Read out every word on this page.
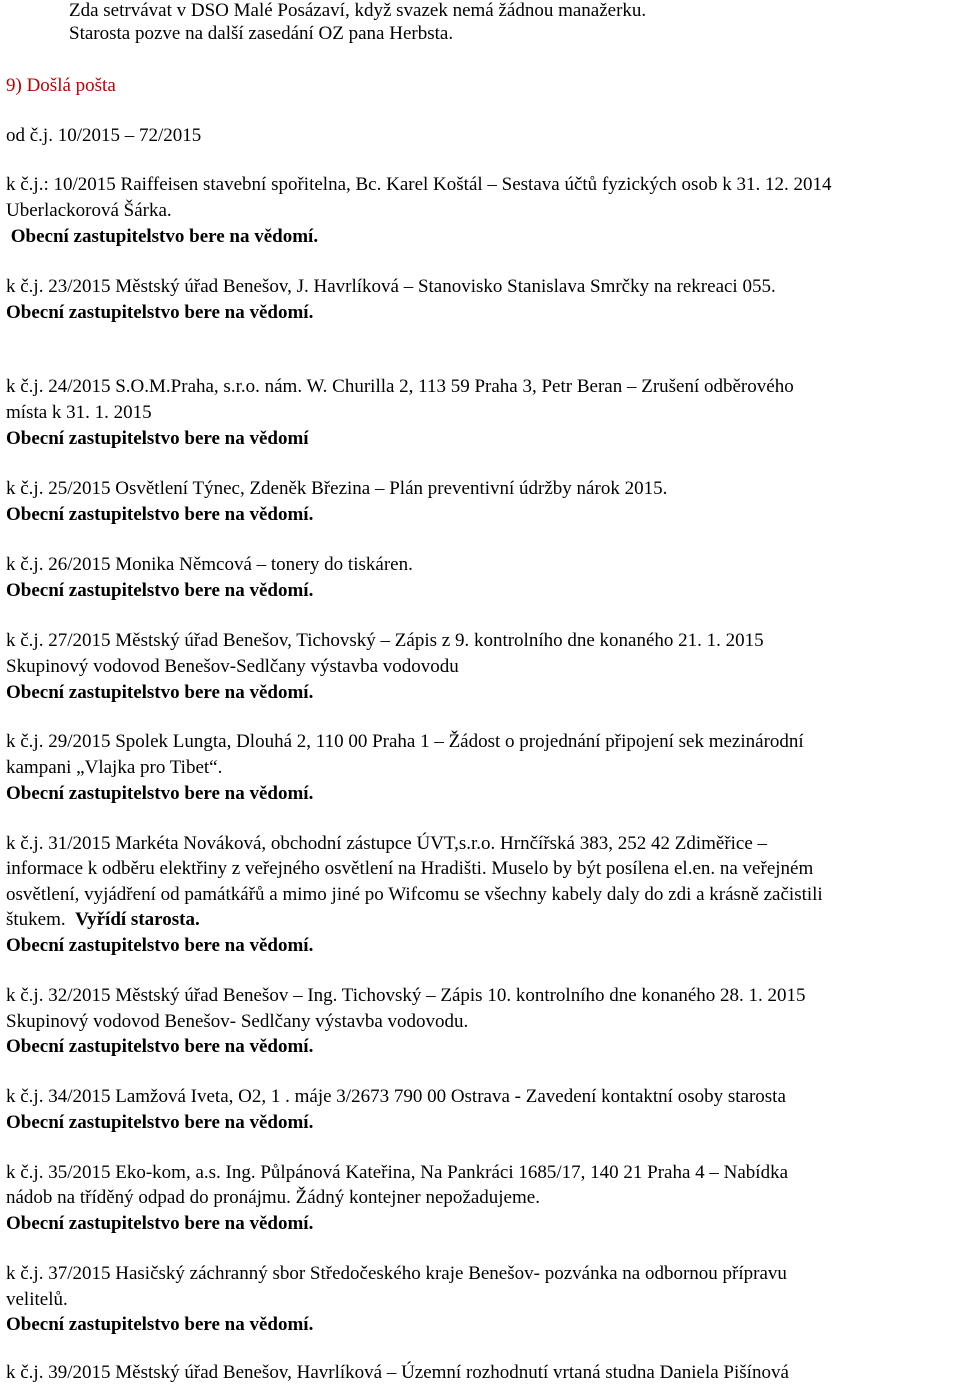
Zda setrvávat v DSO Malé Posázaví, když svazek nemá žádnou manažerku.
Starosta pozve na další zasedání OZ pana Herbsta.
9) Došlá pošta
od č.j. 10/2015 – 72/2015
k č.j.: 10/2015 Raiffeisen stavební spořitelna, Bc. Karel Koštál – Sestava účtů fyzických osob k 31. 12. 2014
Uberlackorová Šárka.
Obecní zastupitelstvo bere na vědomí.
k č.j. 23/2015 Městský úřad Benešov, J. Havrlíková – Stanovisko Stanislava Smrčky na rekreaci 055.
Obecní zastupitelstvo bere na vědomí.
k č.j. 24/2015 S.O.M.Praha, s.r.o. nám. W. Churilla 2, 113 59 Praha 3, Petr Beran – Zrušení odběrového
místa k 31. 1. 2015
Obecní zastupitelstvo bere na vědomí
k č.j. 25/2015 Osvětlení Týnec, Zdeněk Březina – Plán preventivní údržby nárok 2015.
Obecní zastupitelstvo bere na vědomí.
k č.j. 26/2015 Monika Němcová – tonery do tiskáren.
Obecní zastupitelstvo bere na vědomí.
k č.j. 27/2015 Městský úřad Benešov, Tichovský – Zápis z 9. kontrolního dne konaného 21. 1. 2015
Skupinový vodovod Benešov-Sedlčany výstavba vodovodu
Obecní zastupitelstvo bere na vědomí.
k č.j. 29/2015 Spolek Lungta, Dlouhá 2, 110 00 Praha 1 – Žádost o projednání připojení sek mezinárodní
kampani „Vlajka pro Tibet“.
Obecní zastupitelstvo bere na vědomí.
k č.j. 31/2015 Markéta Nováková, obchodní zástupce ÚVT,s.r.o. Hrnčířská 383, 252 42 Zdiměřice –
informace k odběru elektřiny z veřejného osvětlení na Hradišti. Muselo by být posílena el.en. na veřejném
osvětlení, vyjádření od památkářů a mimo jiné po Wifcomu se všechny kabely daly do zdi a krásně začistili
štukem.  Vyřídí starosta.
Obecní zastupitelstvo bere na vědomí.
k č.j. 32/2015 Městský úřad Benešov – Ing. Tichovský – Zápis 10. kontrolního dne konaného 28. 1. 2015
Skupinový vodovod Benešov- Sedlčany výstavba vodovodu.
Obecní zastupitelstvo bere na vědomí.
k č.j. 34/2015 Lamžová Iveta, O2, 1 . máje 3/2673 790 00 Ostrava - Zavedení kontaktní osoby starosta
Obecní zastupitelstvo bere na vědomí.
k č.j. 35/2015 Eko-kom, a.s. Ing. Půlpánová Kateřina, Na Pankráci 1685/17, 140 21 Praha 4 – Nabídka
nádob na tříděný odpad do pronájmu. Žádný kontejner nepožadujeme.
Obecní zastupitelstvo bere na vědomí.
k č.j. 37/2015 Hasičský záchranný sbor Středočeského kraje Benešov- pozvánka na odbornou přípravu
velitelů.
Obecní zastupitelstvo bere na vědomí.
k č.j. 39/2015 Městský úřad Benešov, Havrlíková – Územní rozhodnutí vrtaná studna Daniela Pišínová
